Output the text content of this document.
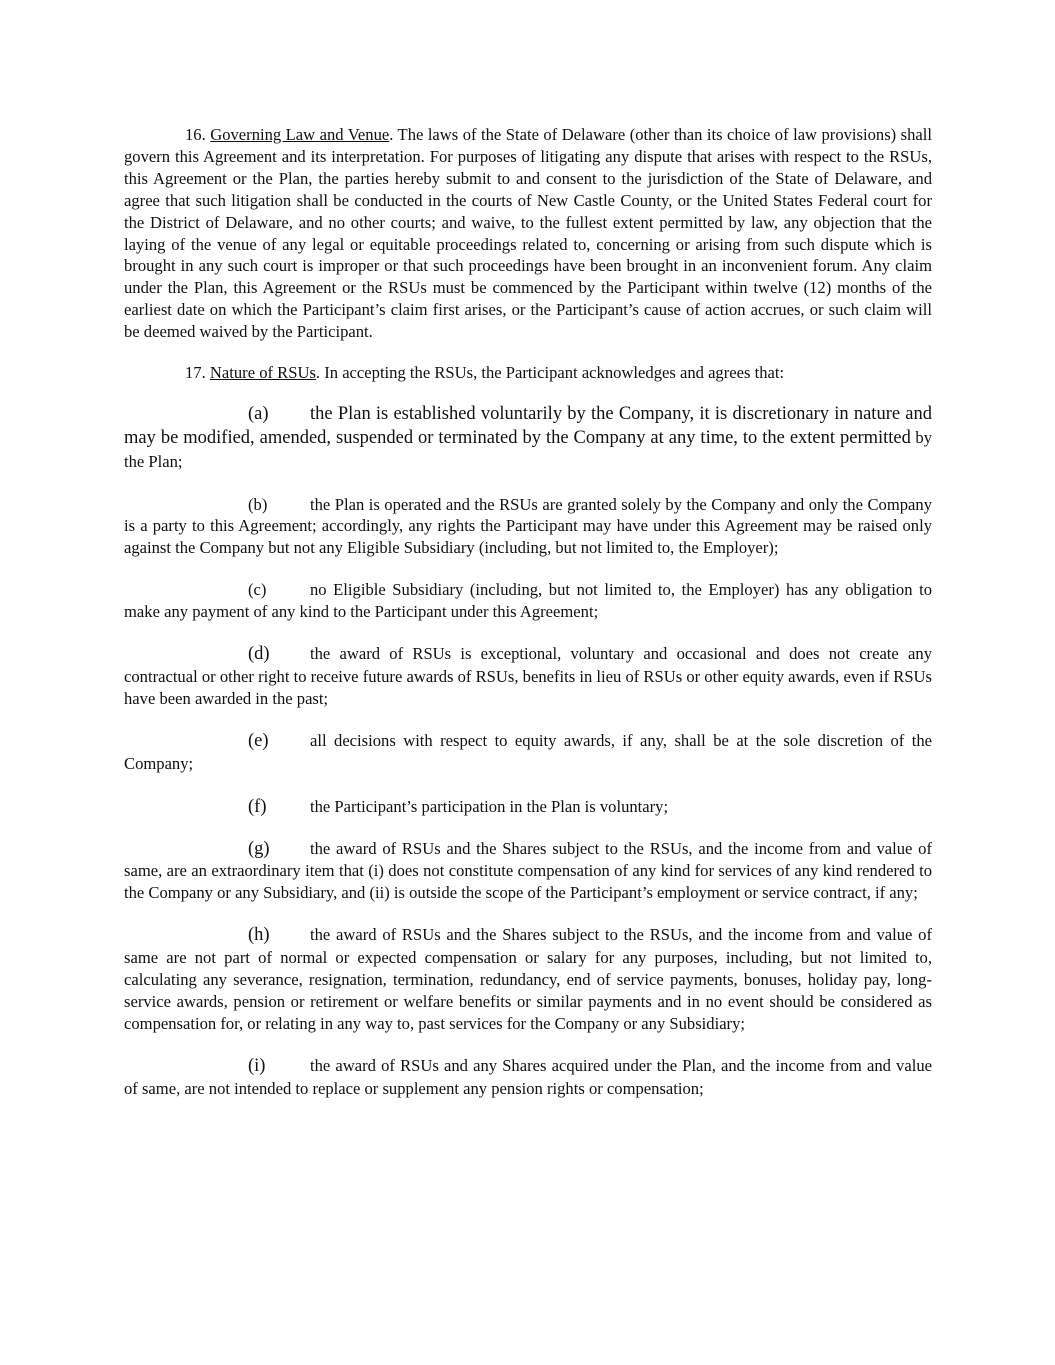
16. Governing Law and Venue. The laws of the State of Delaware (other than its choice of law provisions) shall govern this Agreement and its interpretation. For purposes of litigating any dispute that arises with respect to the RSUs, this Agreement or the Plan, the parties hereby submit to and consent to the jurisdiction of the State of Delaware, and agree that such litigation shall be conducted in the courts of New Castle County, or the United States Federal court for the District of Delaware, and no other courts; and waive, to the fullest extent permitted by law, any objection that the laying of the venue of any legal or equitable proceedings related to, concerning or arising from such dispute which is brought in any such court is improper or that such proceedings have been brought in an inconvenient forum. Any claim under the Plan, this Agreement or the RSUs must be commenced by the Participant within twelve (12) months of the earliest date on which the Participant’s claim first arises, or the Participant’s cause of action accrues, or such claim will be deemed waived by the Participant.

17. Nature of RSUs. In accepting the RSUs, the Participant acknowledges and agrees that:

(a) the Plan is established voluntarily by the Company, it is discretionary in nature and may be modified, amended, suspended or terminated by the Company at any time, to the extent permitted by the Plan;

(b)	the Plan is operated and the RSUs are granted solely by the Company and only the Company is a party to this Agreement; accordingly, any rights the Participant may have under this Agreement may be raised only against the Company but not any Eligible Subsidiary (including, but not limited to, the Employer);

(c)	no Eligible Subsidiary (including, but not limited to, the Employer) has any obligation to make any payment of any kind to the Participant under this Agreement;

(d) the award of RSUs is exceptional, voluntary and occasional and does not create any contractual or other right to receive future awards of RSUs, benefits in lieu of RSUs or other equity awards, even if RSUs have been awarded in the past;

(e) all decisions with respect to equity awards, if any, shall be at the sole discretion of the Company;

(f)	the Participant’s participation in the Plan is voluntary;

(g) the award of RSUs and the Shares subject to the RSUs, and the income from and value of same, are an extraordinary item that (i) does not constitute compensation of any kind for services of any kind rendered to the Company or any Subsidiary, and (ii) is outside the scope of the Participant’s employment or service contract, if any;

(h) the award of RSUs and the Shares subject to the RSUs, and the income from and value of same are not part of normal or expected compensation or salary for any purposes, including, but not limited to, calculating any severance, resignation, termination, redundancy, end of service payments, bonuses, holiday pay, long-service awards, pension or retirement or welfare benefits or similar payments and in no event should be considered as compensation for, or relating in any way to, past services for the Company or any Subsidiary;

(i)	the award of RSUs and any Shares acquired under the Plan, and the income from and value of same, are not intended to replace or supplement any pension rights or compensation;
